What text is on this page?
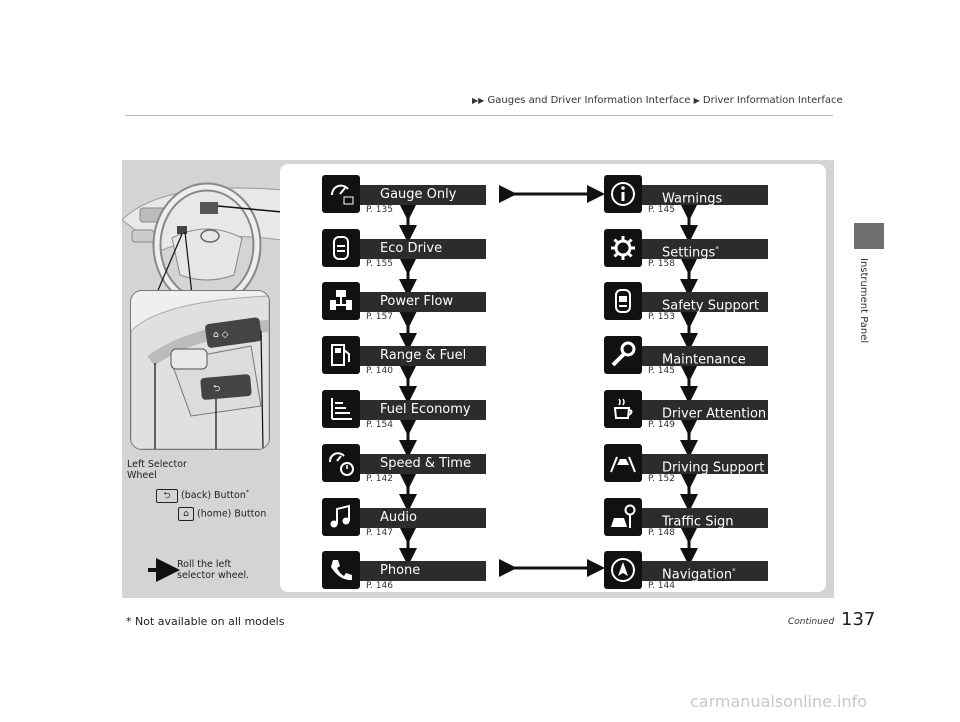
▶▶ Gauges and Driver Information Interface ▶ Driver Information Interface
Instrument Panel
⌂ ◇
⮌
Gauge Only
P. 135
Eco Drive
P. 155
Power Flow
P. 157
Range & Fuel
P. 140
Fuel Economy
P. 154
Speed & Time
P. 142
Audio
P. 147
Phone
P. 146
Warnings
P. 145
Settings*
P. 158
Safety Support
P. 153
Maintenance
P. 145
Driver Attention
P. 149
Driving Support
P. 152
Traffic Sign
P. 148
Navigation*
P. 144
Left Selector
Wheel
⮌ (back) Button*
⌂ (home) Button
Roll the left
selector wheel.
* Not available on all models	Continued 137
carmanualsonline.info
